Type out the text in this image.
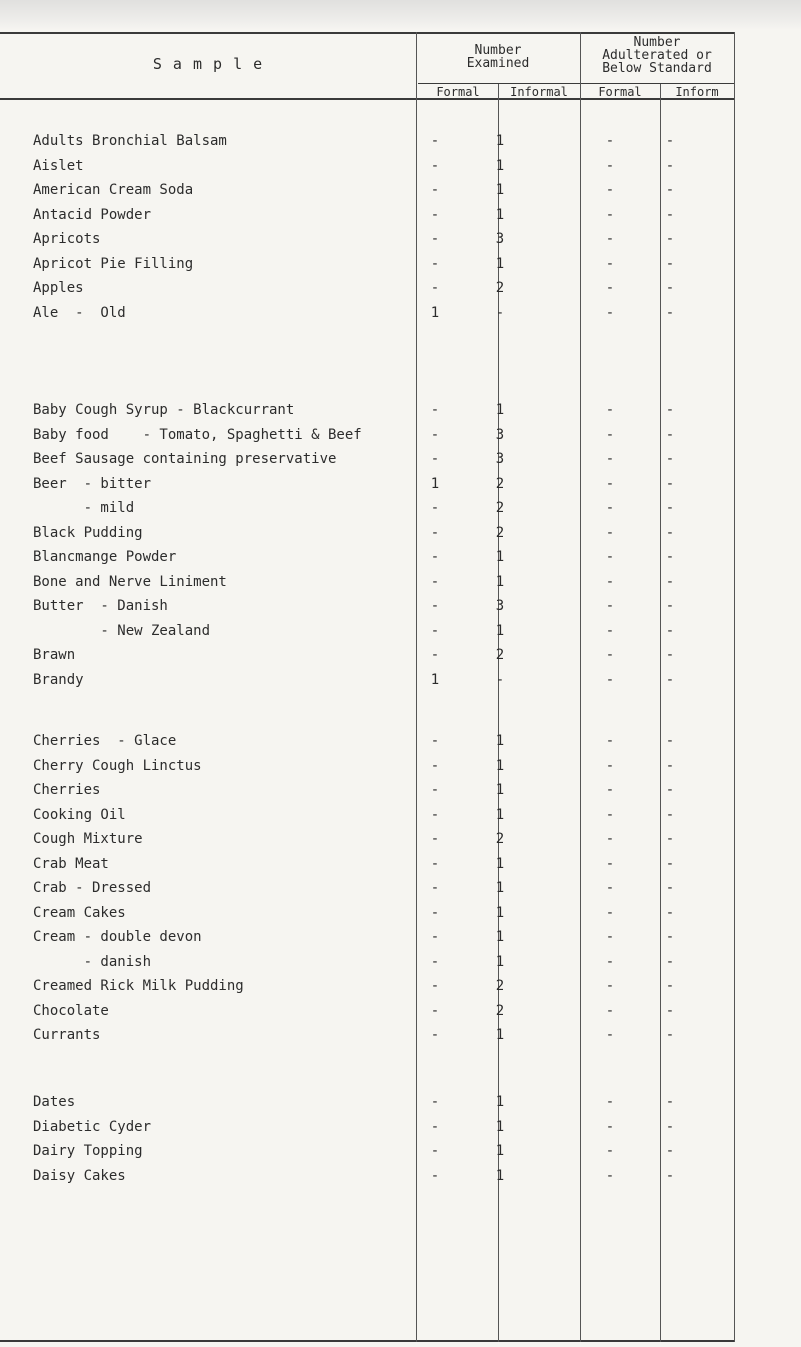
S a m p l e
Number
Examined
Number
Adulterated or
Below Standard
Formal	Informal	Formal	Inform
Adults Bronchial Balsam	-	1	-	-
Aislet	-	1	-	-
American Cream Soda	-	1	-	-
Antacid Powder	-	1	-	-
Apricots	-	3	-	-
Apricot Pie Filling	-	1	-	-
Apples	-	2	-	-
Ale  -  Old	1	-	-	-
Baby Cough Syrup - Blackcurrant	-	1	-	-
Baby food    - Tomato, Spaghetti & Beef	-	3	-	-
Beef Sausage containing preservative	-	3	-	-
Beer  - bitter	1	2	-	-
- mild	-	2	-	-
Black Pudding	-	2	-	-
Blancmange Powder	-	1	-	-
Bone and Nerve Liniment	-	1	-	-
Butter  - Danish	-	3	-	-
- New Zealand	-	1	-	-
Brawn	-	2	-	-
Brandy	1	-	-	-
Cherries  - Glace	-	1	-	-
Cherry Cough Linctus	-	1	-	-
Cherries	-	1	-	-
Cooking Oil	-	1	-	-
Cough Mixture	-	2	-	-
Crab Meat	-	1	-	-
Crab - Dressed	-	1	-	-
Cream Cakes	-	1	-	-
Cream - double devon	-	1	-	-
- danish	-	1	-	-
Creamed Rick Milk Pudding	-	2	-	-
Chocolate	-	2	-	-
Currants	-	1	-	-
Dates	-	1	-	-
Diabetic Cyder	-	1	-	-
Dairy Topping	-	1	-	-
Daisy Cakes	-	1	-	-
